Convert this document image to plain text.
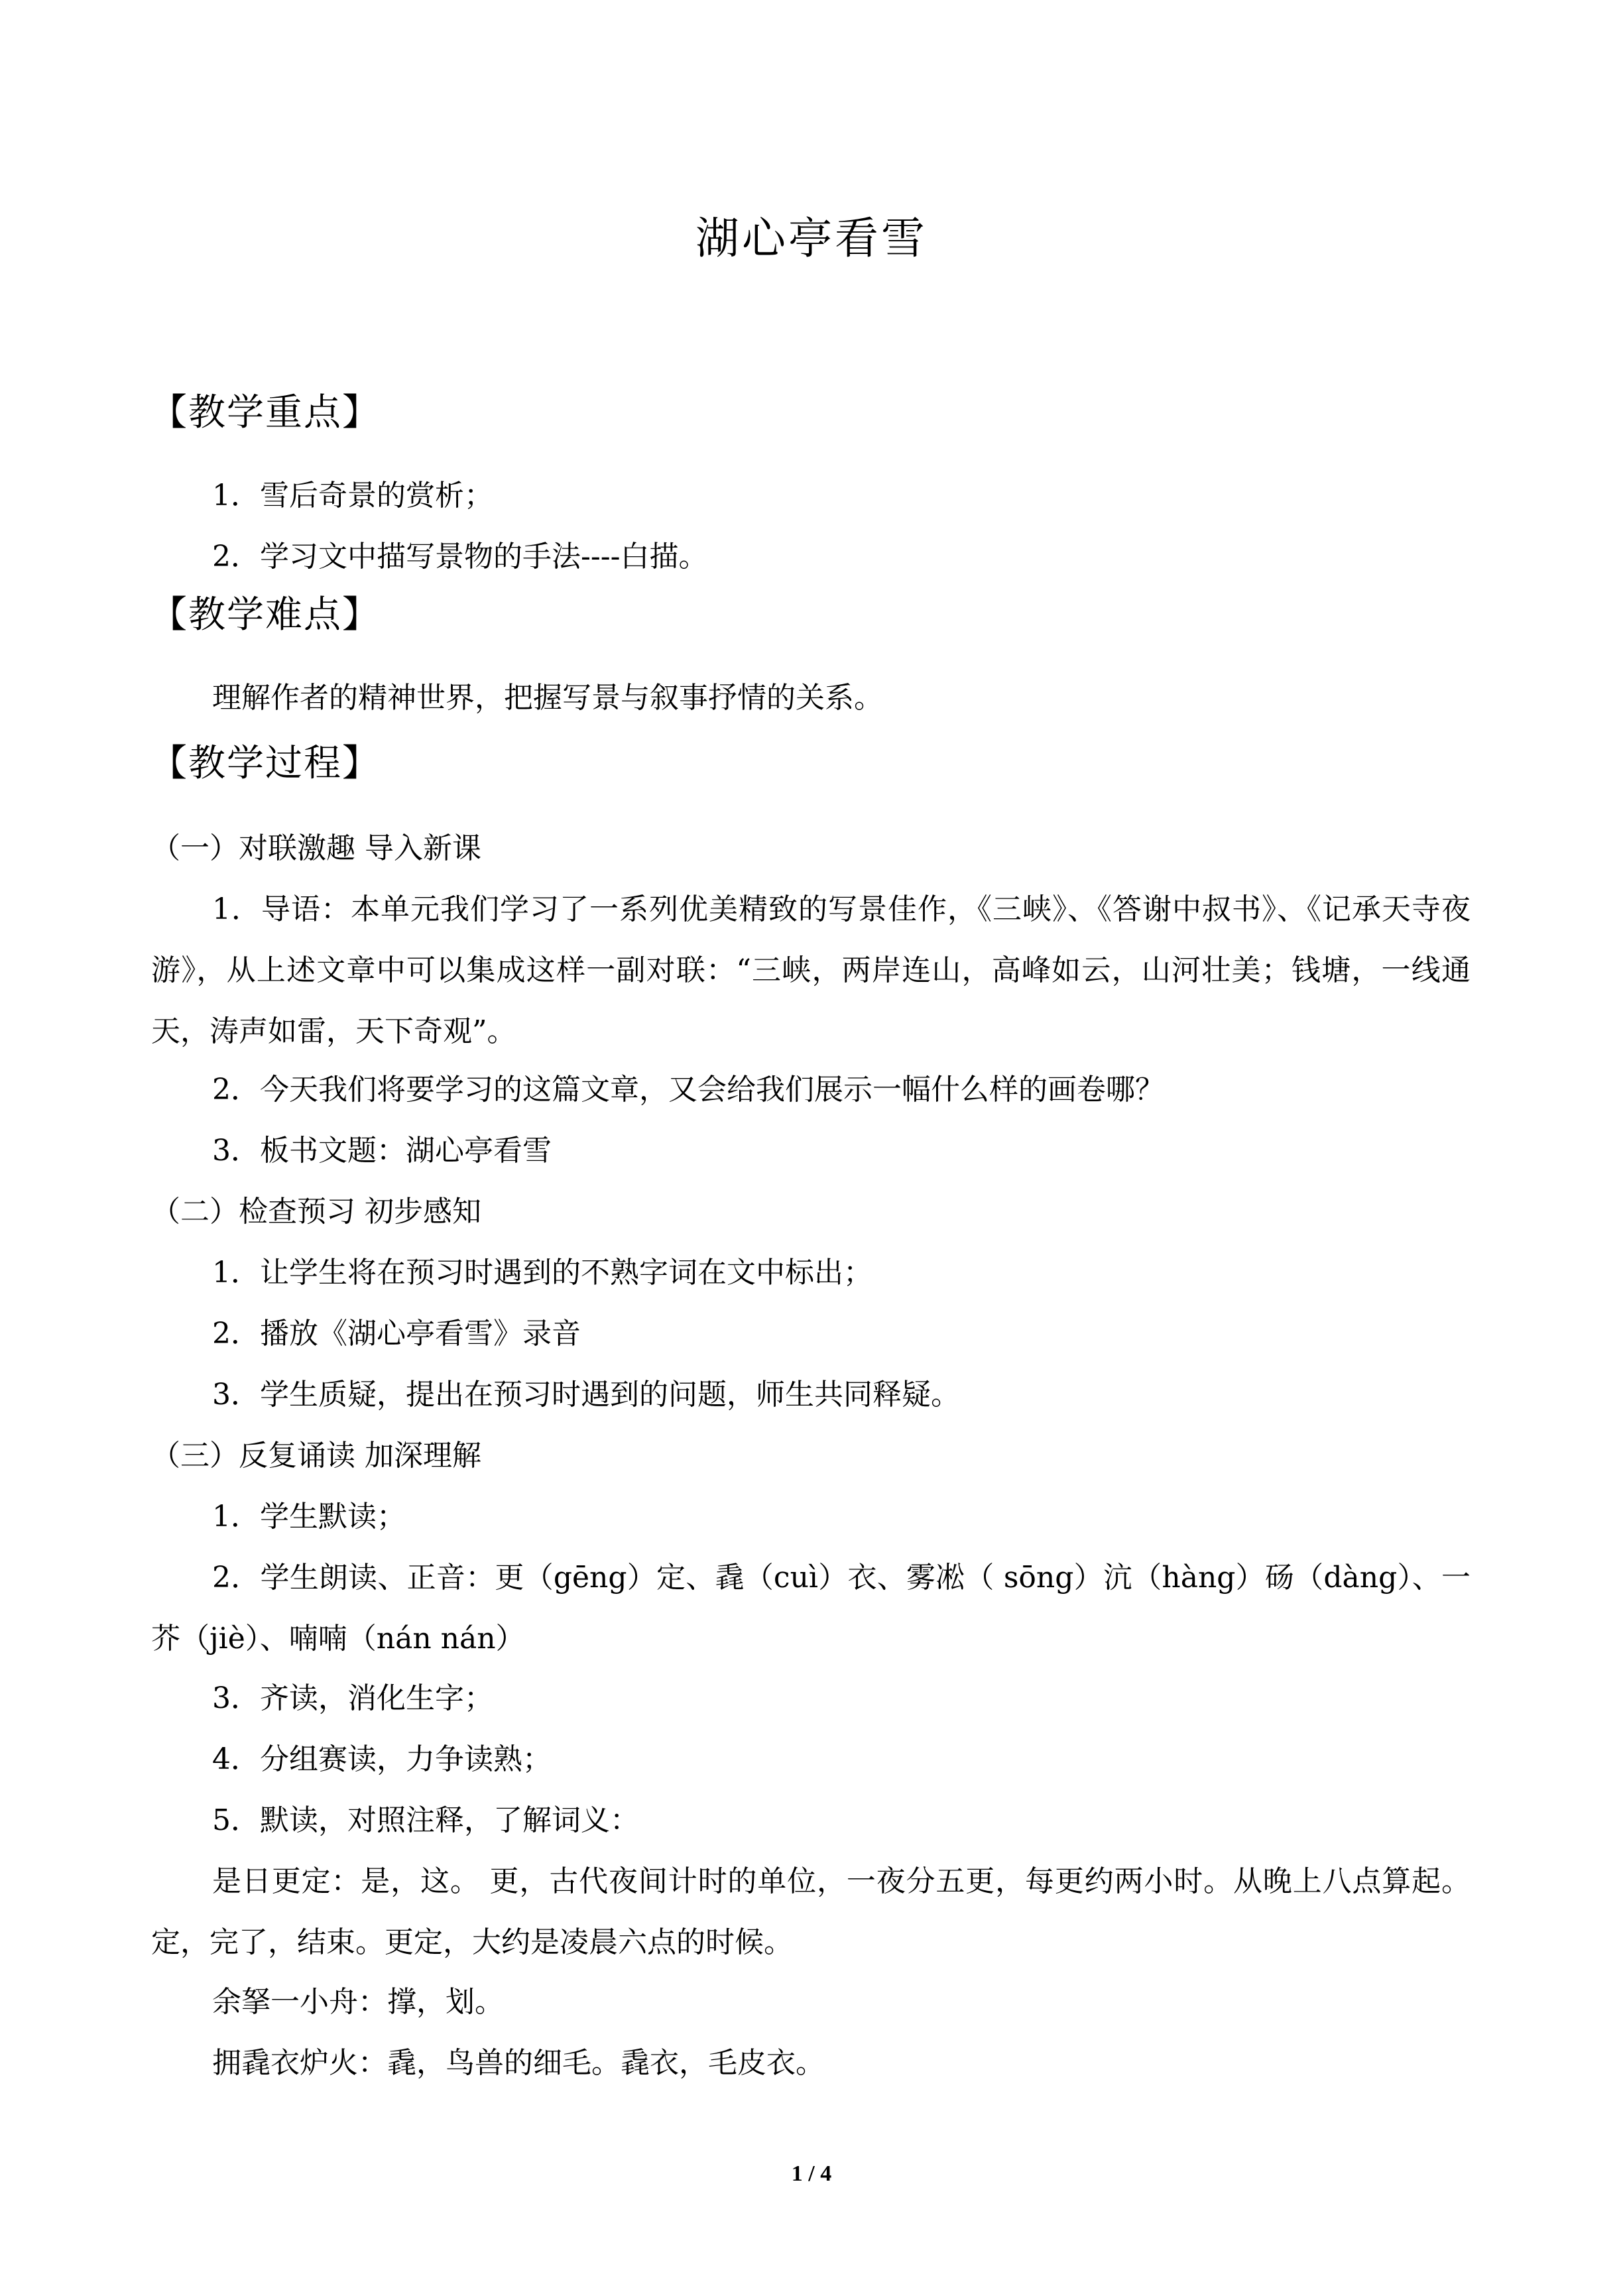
湖心亭看雪
【教学重点】
1．雪后奇景的赏析；
2．学习文中描写景物的手法----白描。
【教学难点】
理解作者的精神世界，把握写景与叙事抒情的关系。
【教学过程】
（一）对联激趣 导入新课
1．导语：本单元我们学习了一系列优美精致的写景佳作，《三峡》、《答谢中叔书》、《记承天寺夜游》，从上述文章中可以集成这样一副对联：“三峡，两岸连山，高峰如云，山河壮美；钱塘，一线通天，涛声如雷，天下奇观”。
2．今天我们将要学习的这篇文章，又会给我们展示一幅什么样的画卷哪？
3．板书文题：湖心亭看雪
（二）检查预习 初步感知
1．让学生将在预习时遇到的不熟字词在文中标出；
2．播放《湖心亭看雪》录音
3．学生质疑，提出在预习时遇到的问题，师生共同释疑。
（三）反复诵读 加深理解
1．学生默读；
2．学生朗读、正音：更（gēng）定、毳（cuì）衣、雾凇（ sōng）沆（hàng）砀（dàng）、一芥（jiè）、喃喃（nán nán）
3．齐读，消化生字；
4．分组赛读，力争读熟；
5．默读，对照注释，了解词义：
是日更定：是，这。 更，古代夜间计时的单位，一夜分五更，每更约两小时。从晚上八点算起。定，完了，结束。更定，大约是凌晨六点的时候。
余拏一小舟：撑，划。
拥毳衣炉火：毳，鸟兽的细毛。毳衣，毛皮衣。
1 / 4
